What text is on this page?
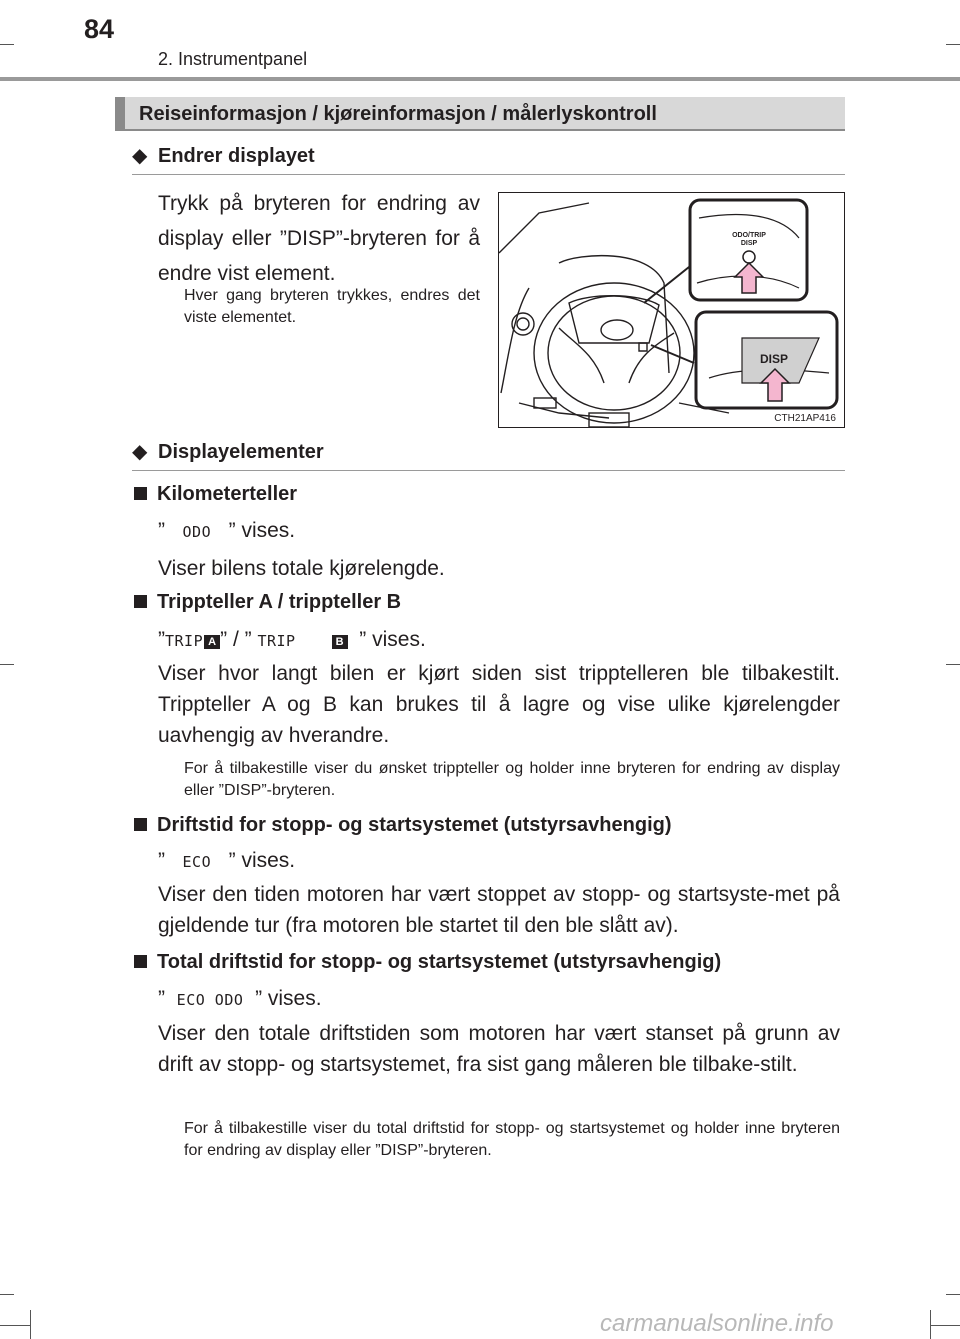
84
2. Instrumentpanel
Reiseinformasjon / kjøreinformasjon / målerlyskontroll
◆ Endrer displayet
Trykk på bryteren for endring av display eller ”DISP”-bryteren for å endre vist element.
Hver gang bryteren trykkes, endres det viste elementet.
ODO/TRIP
DISP
DISP
CTH21AP416
◆ Displayelementer
Kilometerteller
” ODO ” vises.
Viser bilens totale kjørelengde.
Trippteller A / trippteller B
”TRIP A ” / ” TRIP	B ” vises.
Viser hvor langt bilen er kjørt siden sist tripptelleren ble tilbakestilt. Trippteller A og B kan brukes til å lagre og vise ulike kjørelengder uavhengig av hverandre.
For å tilbakestille viser du ønsket trippteller og holder inne bryteren for endring av display eller ”DISP”-bryteren.
Driftstid for stopp- og startsystemet (utstyrsavhengig)
” ECO ” vises.
Viser den tiden motoren har vært stoppet av stopp- og startsyste-met på gjeldende tur (fra motoren ble startet til den ble slått av).
Total driftstid for stopp- og startsystemet (utstyrsavhengig)
” ECO ODO ” vises.
Viser den totale driftstiden som motoren har vært stanset på grunn av drift av stopp- og startsystemet, fra sist gang måleren ble tilbake-stilt.
For å tilbakestille viser du total driftstid for stopp- og startsystemet og holder inne bryteren for endring av display eller ”DISP”-bryteren.
carmanualsonline.info
